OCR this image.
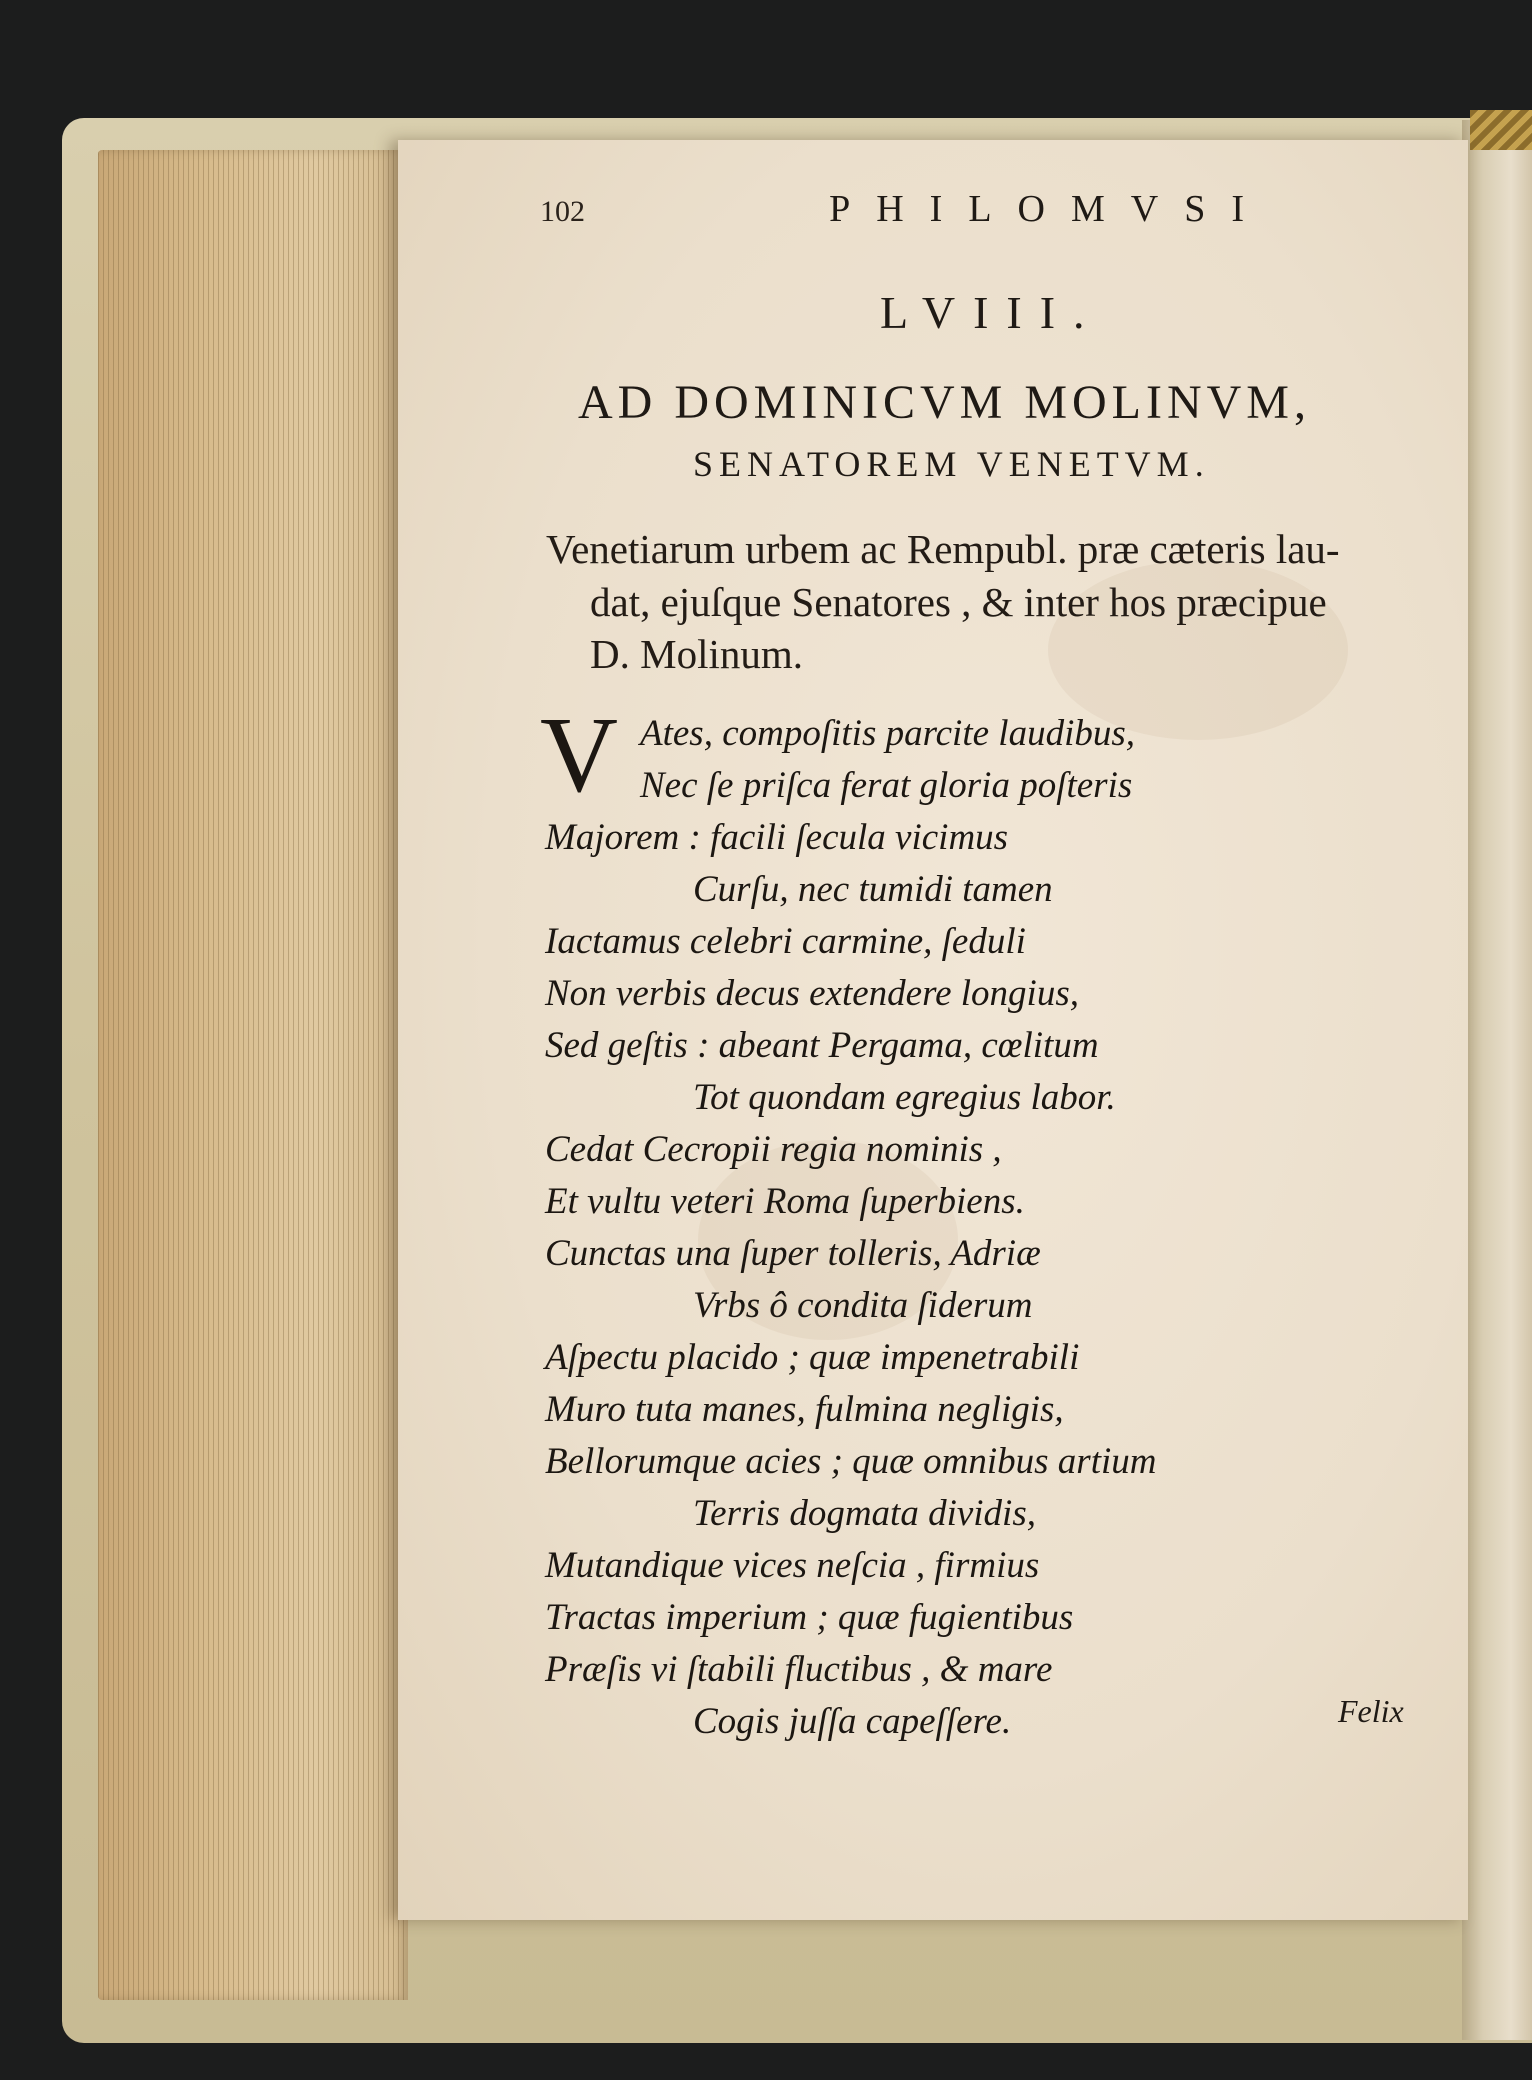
102	PHILOMVSI
LVIII.
AD DOMINICVM MOLINVM,
SENATOREM VENETVM.
Venetiarum urbem ac Rempubl. præ cæteris lau-
dat, ejuſque Senatores , & inter hos præcipue
D. Molinum.
V Ates, compoſitis parcite laudibus,
Nec ſe priſca ferat gloria poſteris
Majorem : facili ſecula vicimus
Curſu, nec tumidi tamen
Iactamus celebri carmine, ſeduli
Non verbis decus extendere longius,
Sed geſtis : abeant Pergama, cœlitum
Tot quondam egregius labor.
Cedat Cecropii regia nominis ,
Et vultu veteri Roma ſuperbiens.
Cunctas una ſuper tolleris, Adriæ
Vrbs ô condita ſiderum
Aſpectu placido ; quæ impenetrabili
Muro tuta manes, fulmina negligis,
Bellorumque acies ; quæ omnibus artium
Terris dogmata dividis,
Mutandique vices neſcia , firmius
Tractas imperium ; quæ fugientibus
Præſis vi ſtabili fluctibus , & mare
Cogis juſſa capeſſere.	Felix
